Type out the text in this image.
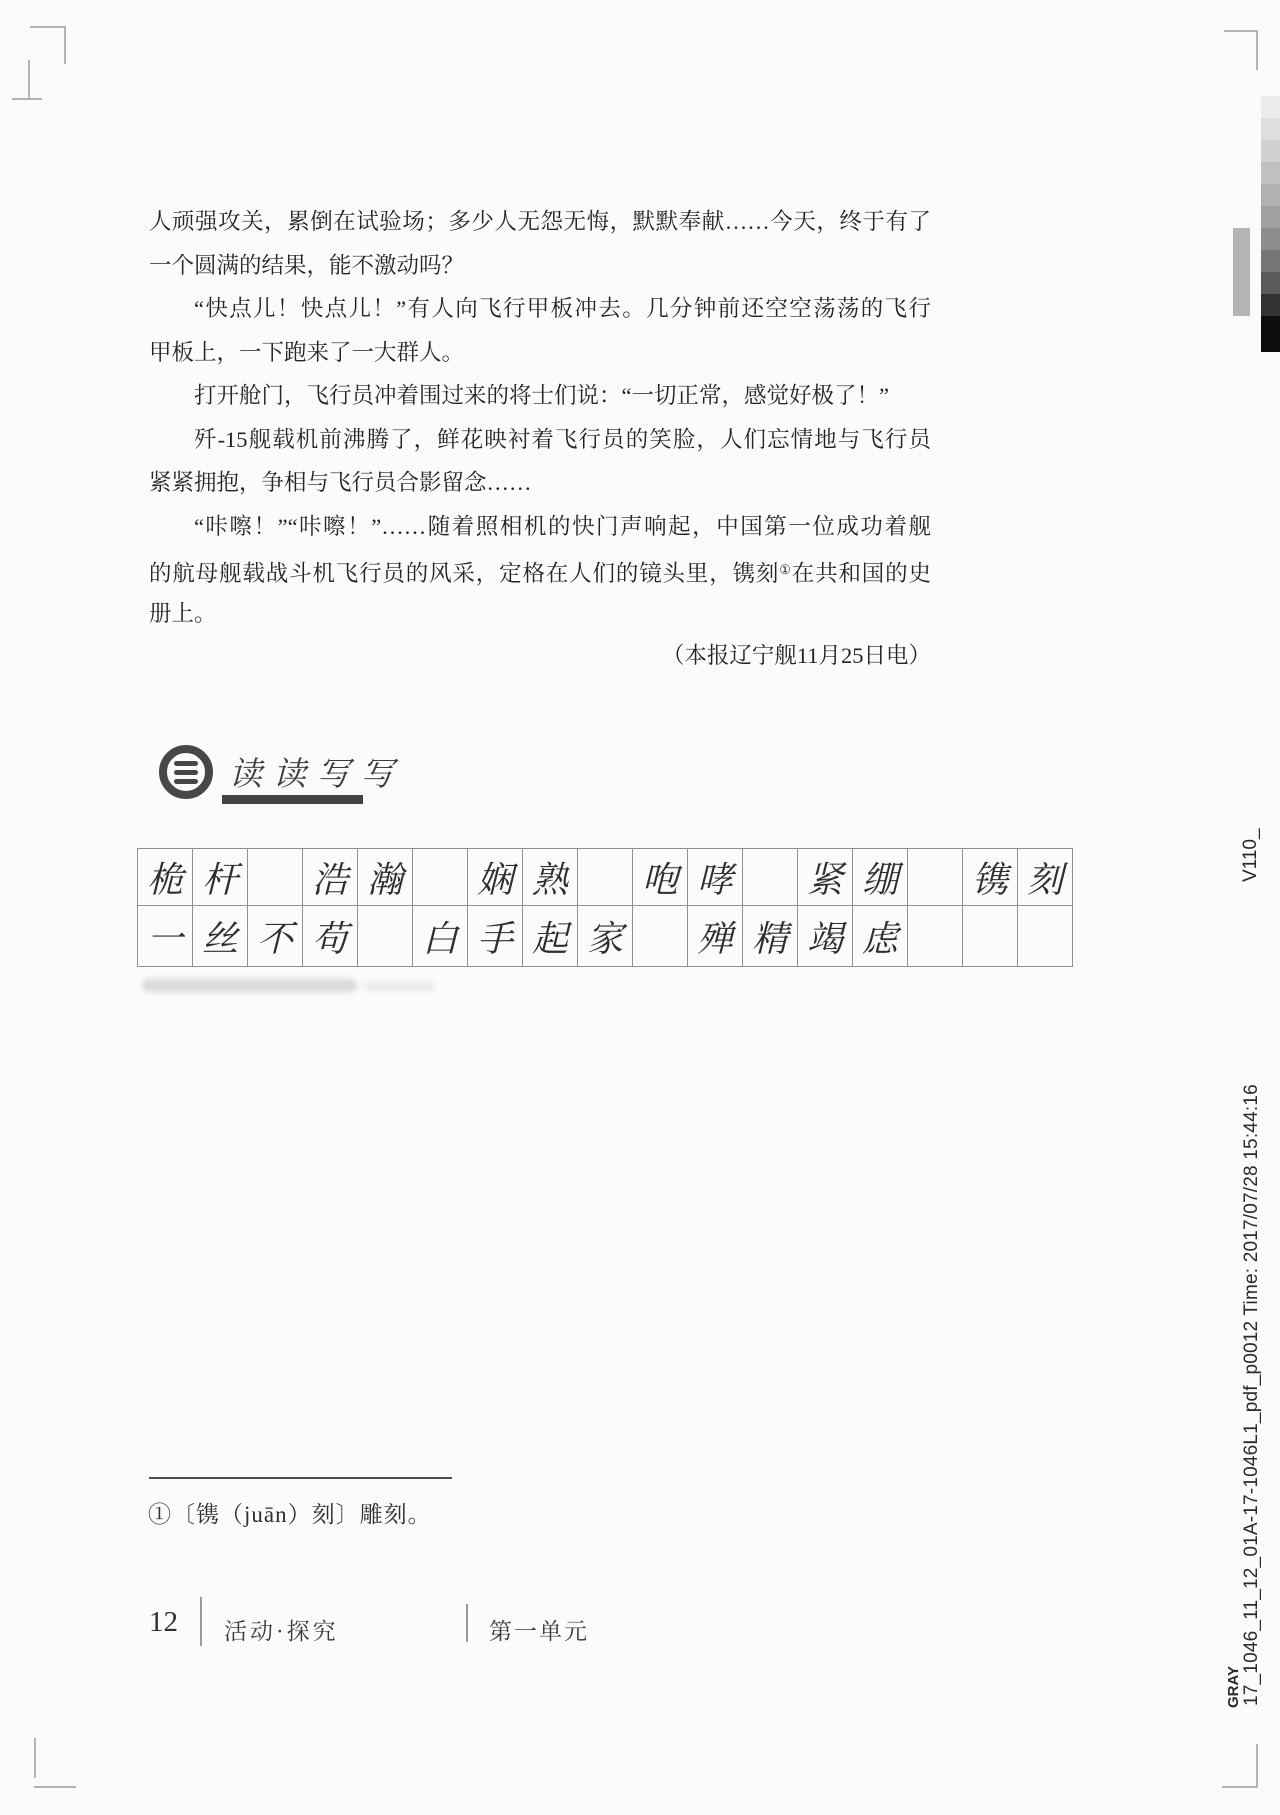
人顽强攻关，累倒在试验场；多少人无怨无悔，默默奉献……今天，终于有了
一个圆满的结果，能不激动吗？
“快点儿！快点儿！”有人向飞行甲板冲去。几分钟前还空空荡荡的飞行
甲板上，一下跑来了一大群人。
打开舱门，飞行员冲着围过来的将士们说：“一切正常，感觉好极了！”
歼-15舰载机前沸腾了，鲜花映衬着飞行员的笑脸，人们忘情地与飞行员
紧紧拥抱，争相与飞行员合影留念……
“咔嚓！”“咔嚓！”……随着照相机的快门声响起，中国第一位成功着舰
的航母舰载战斗机飞行员的风采，定格在人们的镜头里，镌刻①在共和国的史
册上。
（本报辽宁舰11月25日电）
读读写写
桅	杆		浩	瀚		娴	熟		咆	哮		紧	绷		镌	刻
一	丝	不	苟		白	手	起	家		殚	精	竭	虑			
①〔镌（juān）刻〕雕刻。
12 活动·探究	第一单元
V110_
17_1046_11_12_01A-17-1046L1_pdf_p0012 Time: 2017/07/28 15:44:16
GRAY
